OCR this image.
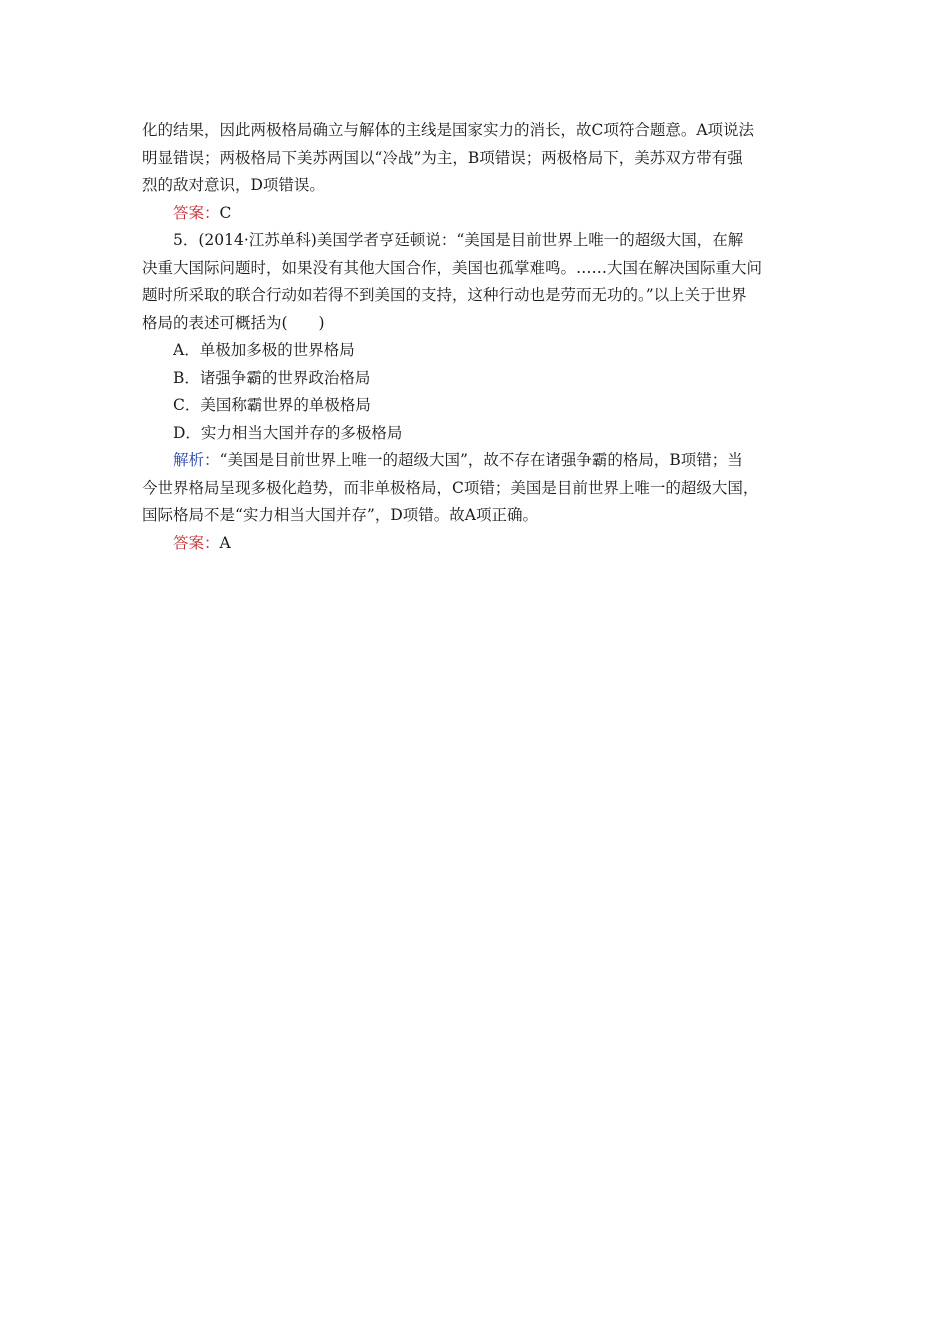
化的结果，因此两极格局确立与解体的主线是国家实力的消长，故C项符合题意。A项说法
明显错误；两极格局下美苏两国以“冷战”为主，B项错误；两极格局下，美苏双方带有强
烈的敌对意识，D项错误。
答案：C
5．(2014·江苏单科)美国学者亨廷顿说：“美国是目前世界上唯一的超级大国，在解
决重大国际问题时，如果没有其他大国合作，美国也孤掌难鸣。……大国在解决国际重大问
题时所采取的联合行动如若得不到美国的支持，这种行动也是劳而无功的。”以上关于世界
格局的表述可概括为(　　)
A．单极加多极的世界格局
B．诸强争霸的世界政治格局
C．美国称霸世界的单极格局
D．实力相当大国并存的多极格局
解析：“美国是目前世界上唯一的超级大国”，故不存在诸强争霸的格局，B项错；当
今世界格局呈现多极化趋势，而非单极格局，C项错；美国是目前世界上唯一的超级大国，
国际格局不是“实力相当大国并存”，D项错。故A项正确。
答案：A
